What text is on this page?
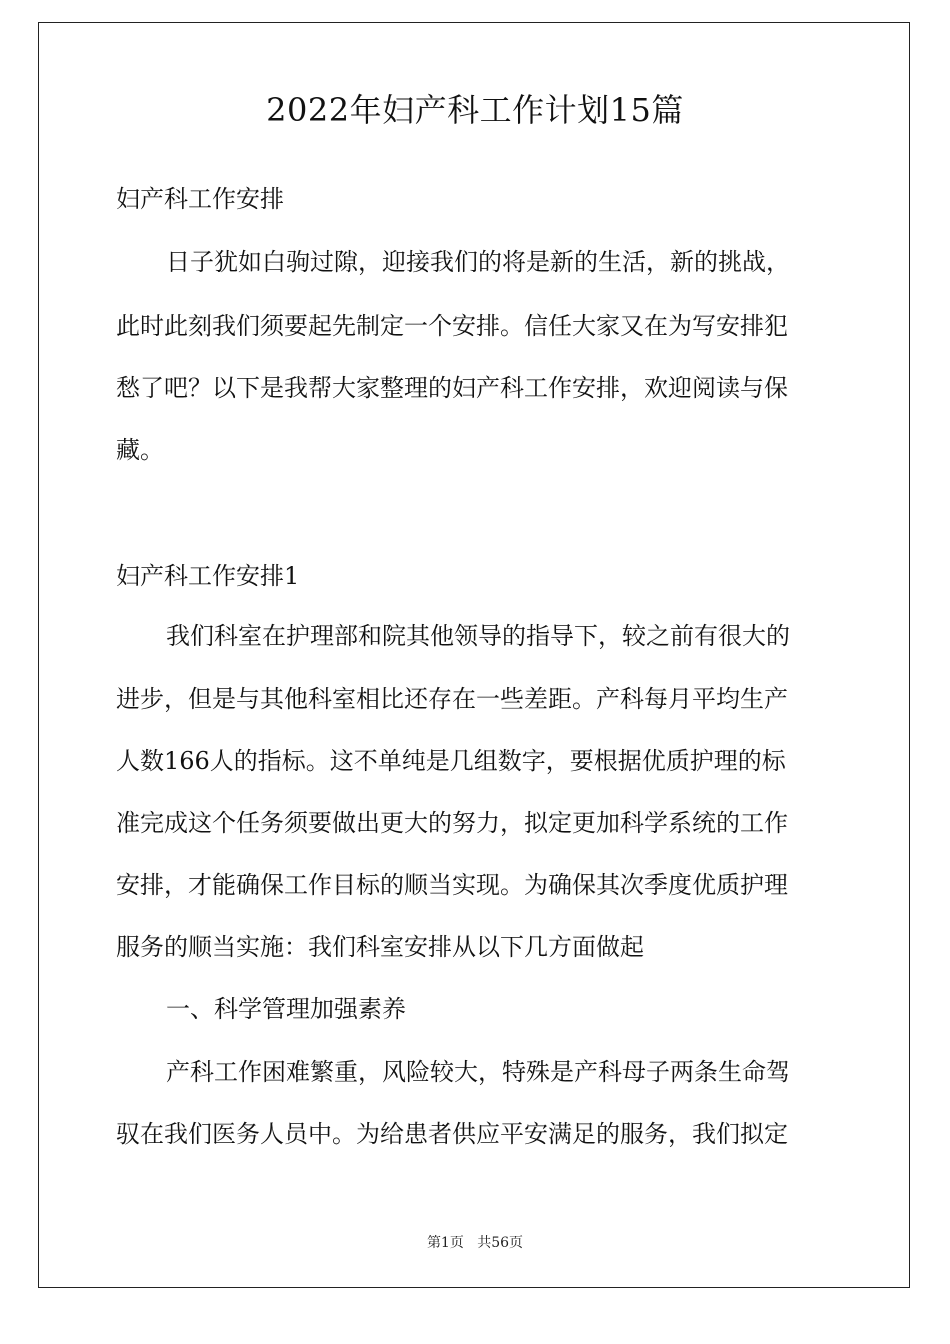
2022年妇产科工作计划15篇
妇产科工作安排
日子犹如白驹过隙，迎接我们的将是新的生活，新的挑战，
此时此刻我们须要起先制定一个安排。信任大家又在为写安排犯
愁了吧？以下是我帮大家整理的妇产科工作安排，欢迎阅读与保
藏。
妇产科工作安排1
我们科室在护理部和院其他领导的指导下，较之前有很大的
进步，但是与其他科室相比还存在一些差距。产科每月平均生产
人数166人的指标。这不单纯是几组数字，要根据优质护理的标
准完成这个任务须要做出更大的努力，拟定更加科学系统的工作
安排，才能确保工作目标的顺当实现。为确保其次季度优质护理
服务的顺当实施：我们科室安排从以下几方面做起
一、科学管理加强素养
产科工作困难繁重，风险较大，特殊是产科母子两条生命驾
驭在我们医务人员中。为给患者供应平安满足的服务，我们拟定
第1页 共56页
